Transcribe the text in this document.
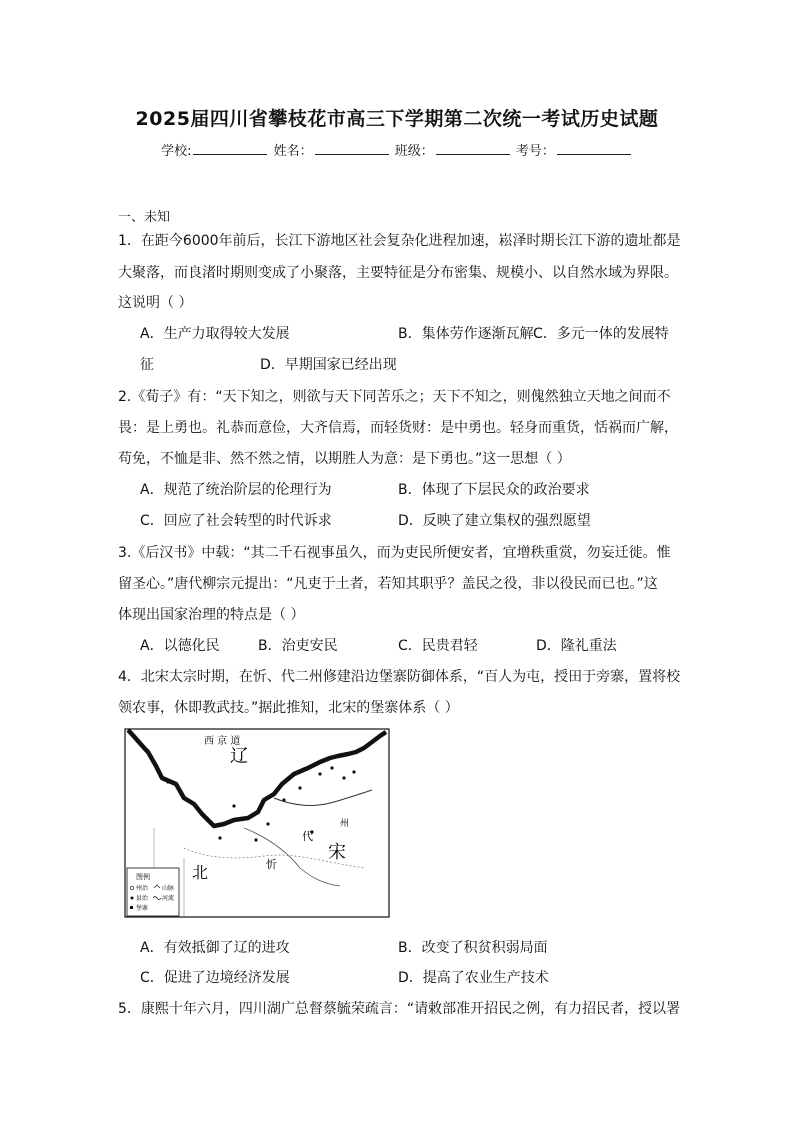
2025届四川省攀枝花市高三下学期第二次统一考试历史试题
学校:	姓名：	班级：	考号：
一、未知
1．在距今6000年前后，长江下游地区社会复杂化进程加速，崧泽时期长江下游的遗址都是
大聚落，而良渚时期则变成了小聚落，主要特征是分布密集、规模小、以自然水域为界限。
这说明（ ）
A．生产力取得较大发展	B．集体劳作逐渐瓦解 C．多元一体的发展特
征	D．早期国家已经出现
2.《荀子》有：“天下知之，则欲与天下同苦乐之；天下不知之，则傀然独立天地之间而不
畏：是上勇也。礼恭而意俭，大齐信焉，而轻货财：是中勇也。轻身而重货，恬祸而广解，
苟免，不恤是非、然不然之情，以期胜人为意：是下勇也。”这一思想（ ）
A．规范了统治阶层的伦理行为	B．体现了下层民众的政治要求
C．回应了社会转型的时代诉求	D．反映了建立集权的强烈愿望
3.《后汉书》中载：“其二千石视事虽久，而为吏民所便安者，宜增秩重赏，勿妄迁徙。惟
留圣心。”唐代柳宗元提出：“凡吏于土者，若知其职乎？盖民之役，非以役民而已也。”这
体现出国家治理的特点是（ ）
A．以德化民	B．治吏安民	C．民贵君轻	D．隆礼重法
4．北宋太宗时期，在忻、代二州修建沿边堡寨防御体系，“百人为屯，授田于旁寨，置将校
领农事，休即教武技。”据此推知，北宋的堡寨体系（ ）
西 京 道
辽
宋
北
代
州
忻
图例
州治
县治
堡寨
山脉
河流
A．有效抵御了辽的进攻	B．改变了积贫积弱局面
C．促进了边境经济发展	D．提高了农业生产技术
5．康熙十年六月，四川湖广总督蔡毓荣疏言：“请敕部准开招民之例，有力招民者，授以署
